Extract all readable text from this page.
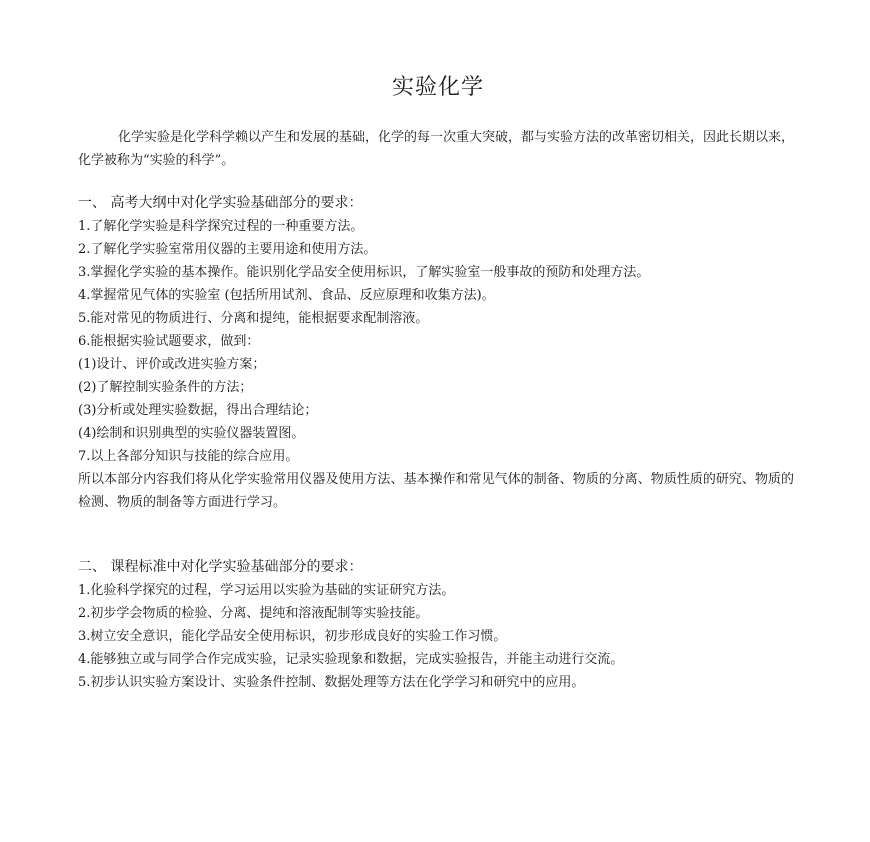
实验化学
化学实验是化学科学赖以产生和发展的基础，化学的每一次重大突破，都与实验方法的改革密切相关，因此长期以来，化学被称为“实验的科学”。
一、 高考大纲中对化学实验基础部分的要求：
1.了解化学实验是科学探究过程的一种重要方法。
2.了解化学实验室常用仪器的主要用途和使用方法。
3.掌握化学实验的基本操作。能识别化学品安全使用标识，了解实验室一般事故的预防和处理方法。
4.掌握常见气体的实验室 (包括所用试剂、食品、反应原理和收集方法)。
5.能对常见的物质进行、分离和提纯，能根据要求配制溶液。
6.能根据实验试题要求，做到：
(1)设计、评价或改进实验方案；
(2)了解控制实验条件的方法；
(3)分析或处理实验数据，得出合理结论；
(4)绘制和识别典型的实验仪器装置图。
7.以上各部分知识与技能的综合应用。
所以本部分内容我们将从化学实验常用仪器及使用方法、基本操作和常见气体的制备、物质的分离、物质性质的研究、物质的检测、物质的制备等方面进行学习。
二、 课程标准中对化学实验基础部分的要求：
1.化验科学探究的过程，学习运用以实验为基础的实证研究方法。
2.初步学会物质的检验、分离、提纯和溶液配制等实验技能。
3.树立安全意识，能化学品安全使用标识，初步形成良好的实验工作习惯。
4.能够独立或与同学合作完成实验，记录实验现象和数据，完成实验报告，并能主动进行交流。
5.初步认识实验方案设计、实验条件控制、数据处理等方法在化学学习和研究中的应用。
